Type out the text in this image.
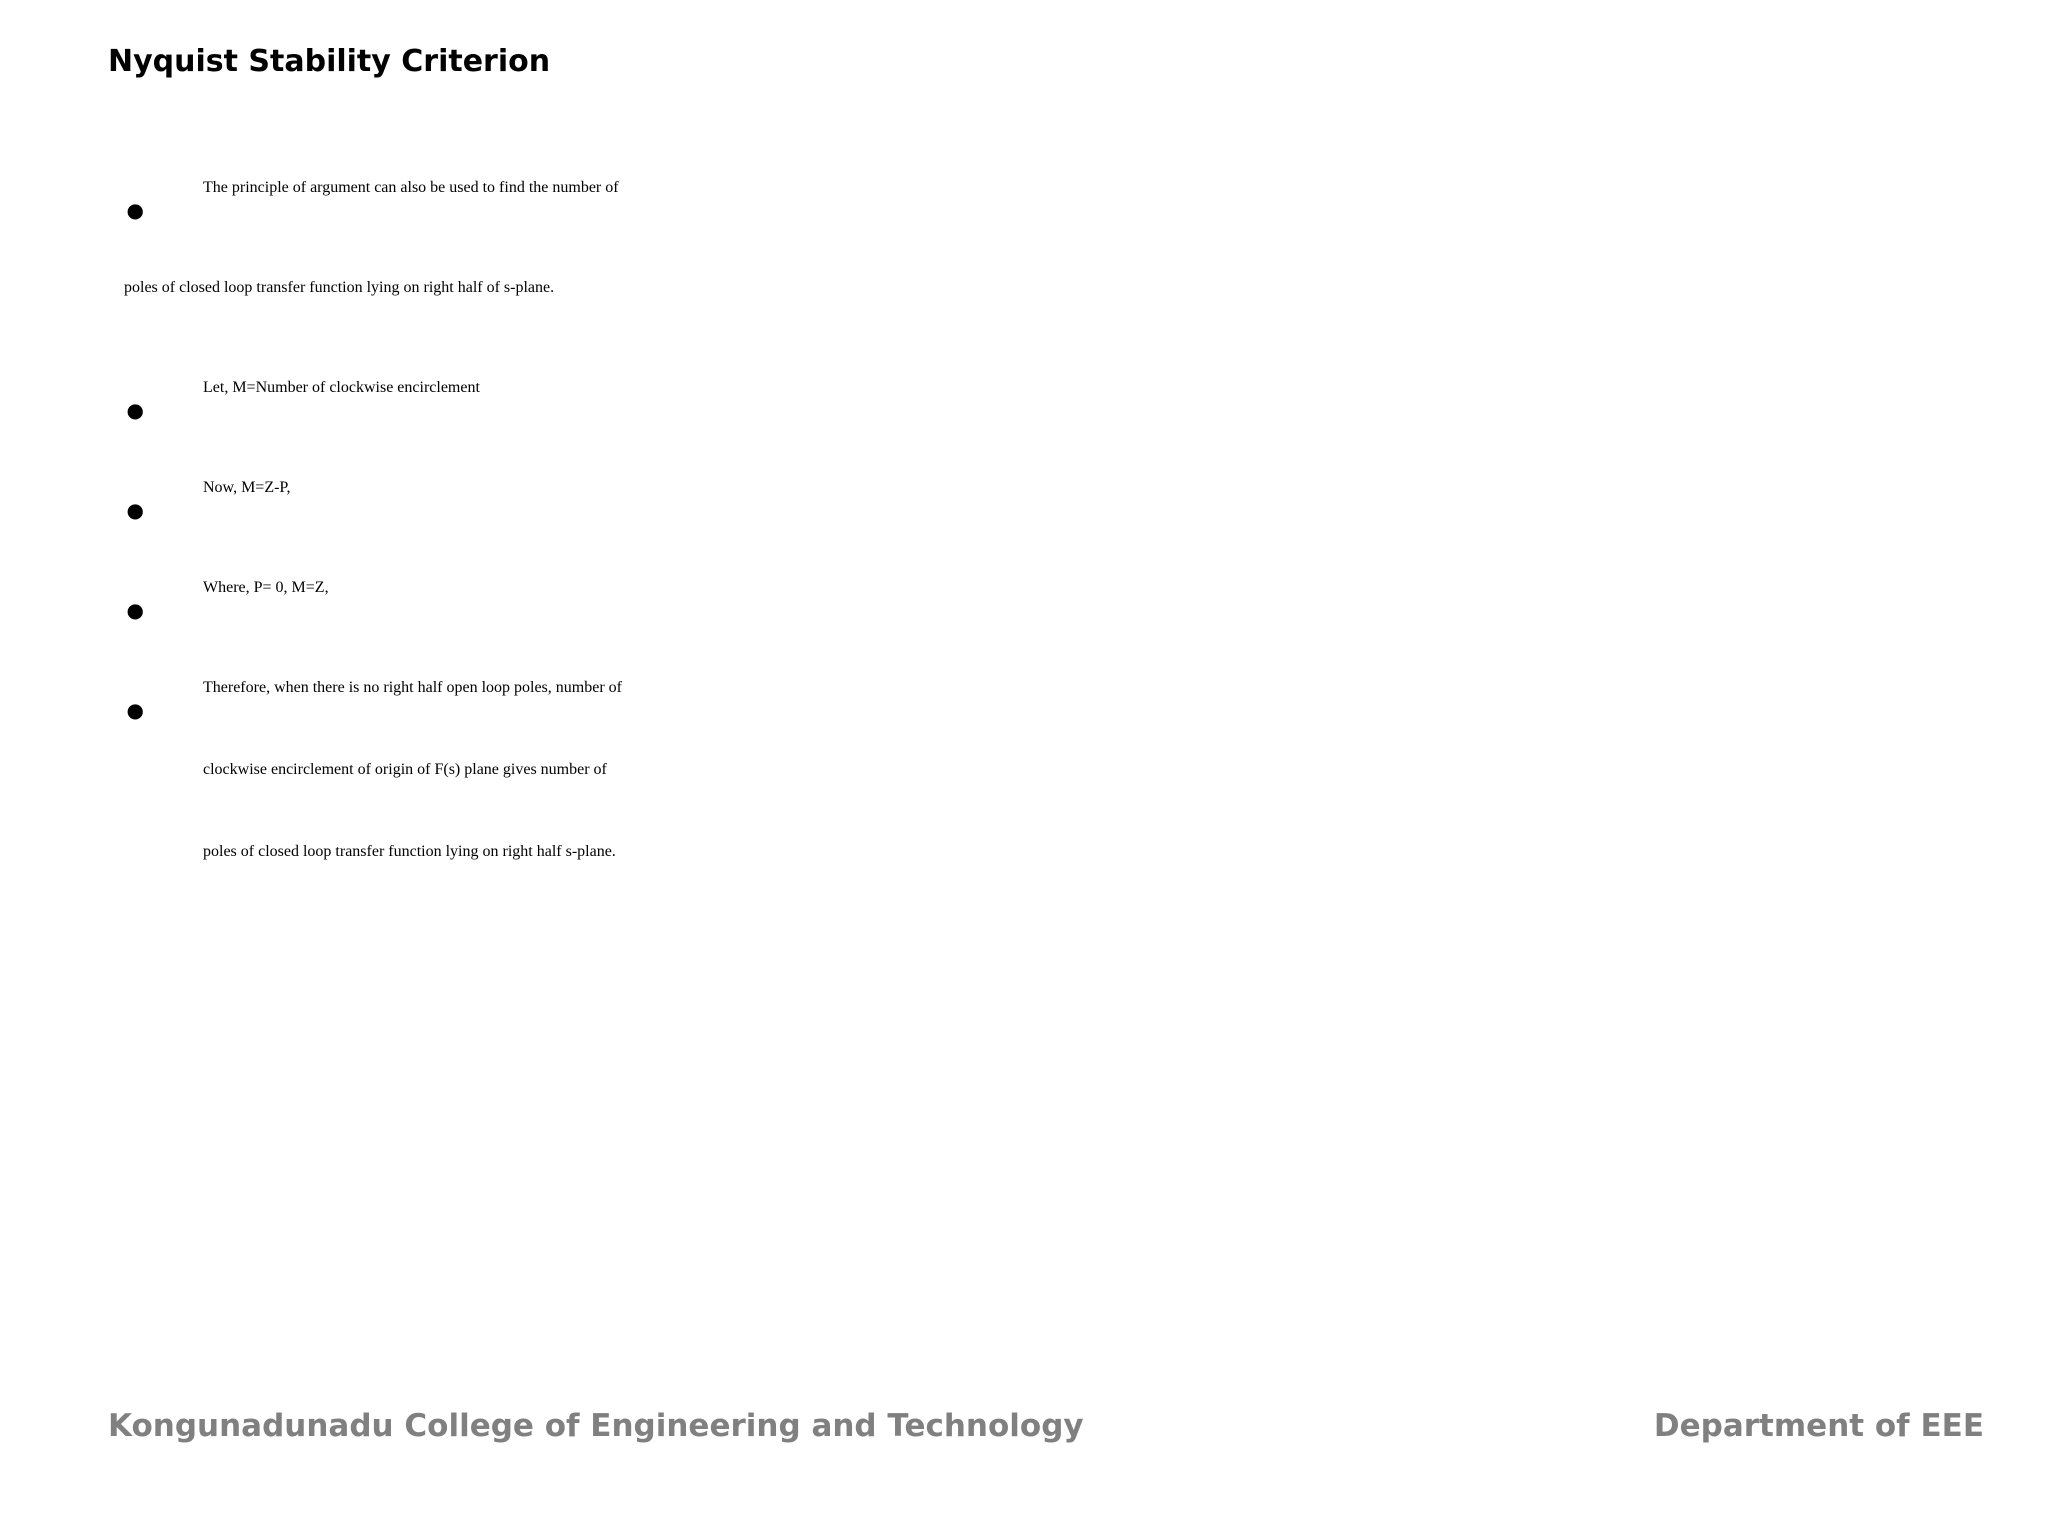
Nyquist Stability Criterion
•	The principle of argument can also be used to find the number of
poles of closed loop transfer function lying on right half of s-plane.
•	Let, M=Number of clockwise encirclement
•	Now, M=Z-P,
•	Where, P= 0, M=Z,
•	Therefore, when there is no right half open loop poles, number of
clockwise encirclement of origin of F(s) plane gives number of
poles of closed loop transfer function lying on right half s-plane.
Kongunadunadu College of Engineering and Technology	Department of EEE
